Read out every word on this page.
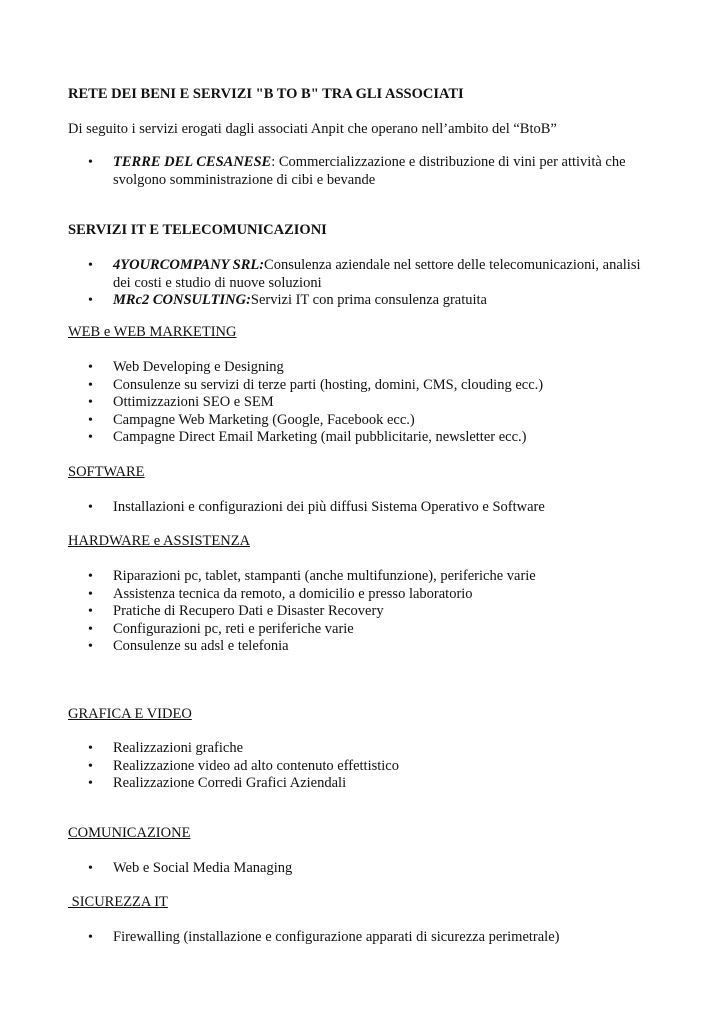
RETE DEI BENI E SERVIZI "B TO B" TRA GLI ASSOCIATI

Di seguito i servizi erogati dagli associati Anpit che operano nell’ambito del “BtoB”

• TERRE DEL CESANESE: Commercializzazione e distribuzione di vini per attività che svolgono somministrazione di cibi e bevande
SERVIZI IT E TELECOMUNICAZIONI
• 4YOURCOMPANY SRL:Consulenza aziendale nel settore delle telecomunicazioni, analisi dei costi e studio di nuove soluzioni
• MRc2 CONSULTING:Servizi IT con prima consulenza gratuita
WEB e WEB MARKETING
• Web Developing e Designing
• Consulenze su servizi di terze parti (hosting, domini, CMS, clouding ecc.)
• Ottimizzazioni SEO e SEM
• Campagne Web Marketing (Google, Facebook ecc.)
• Campagne Direct Email Marketing (mail pubblicitarie, newsletter ecc.)
SOFTWARE
• Installazioni e configurazioni dei più diffusi Sistema Operativo e Software
HARDWARE e ASSISTENZA
• Riparazioni pc, tablet, stampanti (anche multifunzione), periferiche varie
• Assistenza tecnica da remoto, a domicilio e presso laboratorio
• Pratiche di Recupero Dati e Disaster Recovery
• Configurazioni pc, reti e periferiche varie
• Consulenze su adsl e telefonia
GRAFICA E VIDEO
• Realizzazioni grafiche
• Realizzazione video ad alto contenuto effettistico
• Realizzazione Corredi Grafici Aziendali
COMUNICAZIONE
• Web e Social Media Managing
SICUREZZA IT
• Firewalling (installazione e configurazione apparati di sicurezza perimetrale)
